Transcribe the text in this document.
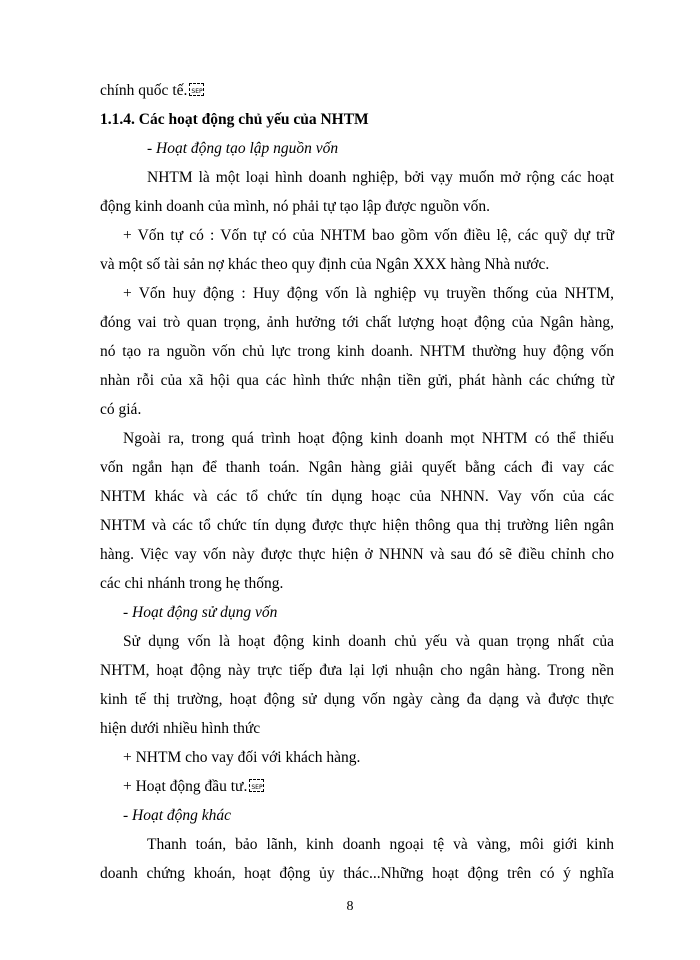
chính quốc tế. SEP
1.1.4. Các hoạt động chủ yếu của NHTM
- Hoạt động tạo lập nguồn vốn
NHTM là một loại hình doanh nghiệp, bởi vạy muốn mở rộng các hoạt
động kinh doanh của mình, nó phải tự tạo lập được nguồn vốn.
+ Vốn tự có : Vốn tự có của NHTM bao gồm vốn điều lệ, các quỹ dự trữ
và một số tài sản nợ khác theo quy định của Ngân XXX hàng Nhà nước.
+ Vốn huy động : Huy động vốn là nghiệp vụ truyền thống của NHTM,
đóng vai trò quan trọng, ảnh hưởng tới chất lượng hoạt động của Ngân hàng,
nó tạo ra nguồn vốn chủ lực trong kinh doanh. NHTM thường huy động vốn
nhàn rỗi của xã hội qua các hình thức nhận tiền gửi, phát hành các chứng từ
có giá.
Ngoài ra, trong quá trình hoạt động kinh doanh mọt NHTM có thể thiếu
vốn ngắn hạn để thanh toán. Ngân hàng giải quyết bằng cách đi vay các
NHTM khác và các tổ chức tín dụng hoạc của NHNN. Vay vốn của các
NHTM và các tổ chức tín dụng được thực hiện thông qua thị trường liên ngân
hàng. Việc vay vốn này được thực hiện ở NHNN và sau đó sẽ điều chỉnh cho
các chi nhánh trong hẹ thống.
- Hoạt động sử dụng vốn
Sử dụng vốn là hoạt động kinh doanh chủ yếu và quan trọng nhất của
NHTM, hoạt động này trực tiếp đưa lại lợi nhuận cho ngân hàng. Trong nền
kinh tế thị trường, hoạt động sử dụng vốn ngày càng đa dạng và được thực
hiện dưới nhiều hình thức
+ NHTM cho vay đối với khách hàng.
+ Hoạt động đầu tư. SEP
- Hoạt động khác
Thanh toán, bảo lãnh, kinh doanh ngoại tệ và vàng, môi giới kinh
doanh chứng khoán, hoạt động ủy thác...Những hoạt động trên có ý nghĩa
8
